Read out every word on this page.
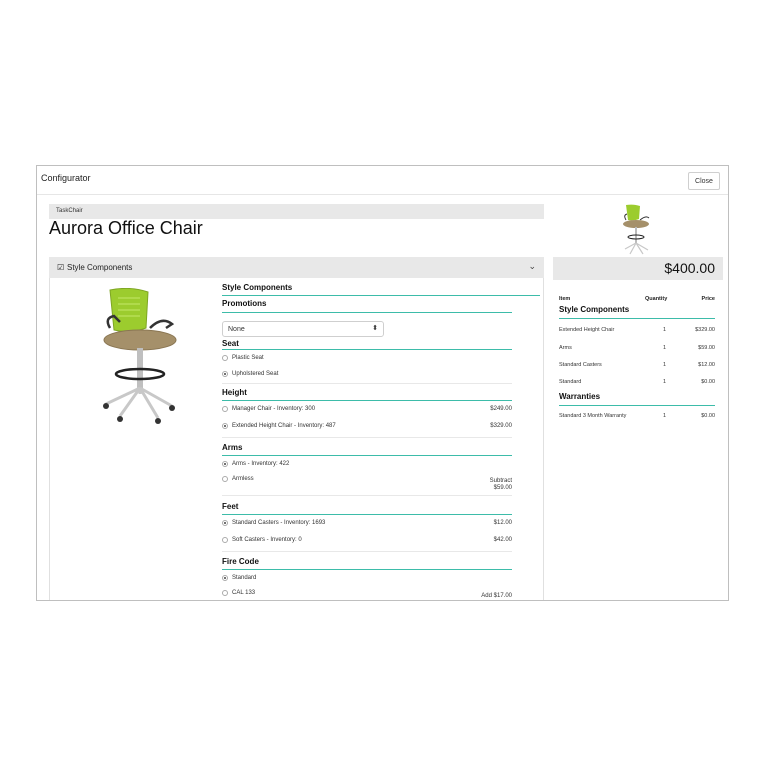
Configurator	Close
TaskChair
Aurora Office Chair
☑ Style Components	⌄
Style Components
Promotions
None	⬍
Seat
Plastic Seat
Upholstered Seat
Height
Manager Chair - Inventory: 300	$249.00
Extended Height Chair - Inventory: 487	$329.00
Arms
Arms - Inventory: 422
Armless	Subtract
$59.00
Feet
Standard Casters - Inventory: 1693	$12.00
Soft Casters - Inventory: 0	$42.00
Fire Code
Standard
CAL 133	Add $17.00
$400.00
Item	Quantity	Price
Style Components
Extended Height Chair	1	$329.00
Arms	1	$59.00
Standard Casters	1	$12.00
Standard	1	$0.00
Warranties
Standard 3 Month Warranty	1	$0.00
